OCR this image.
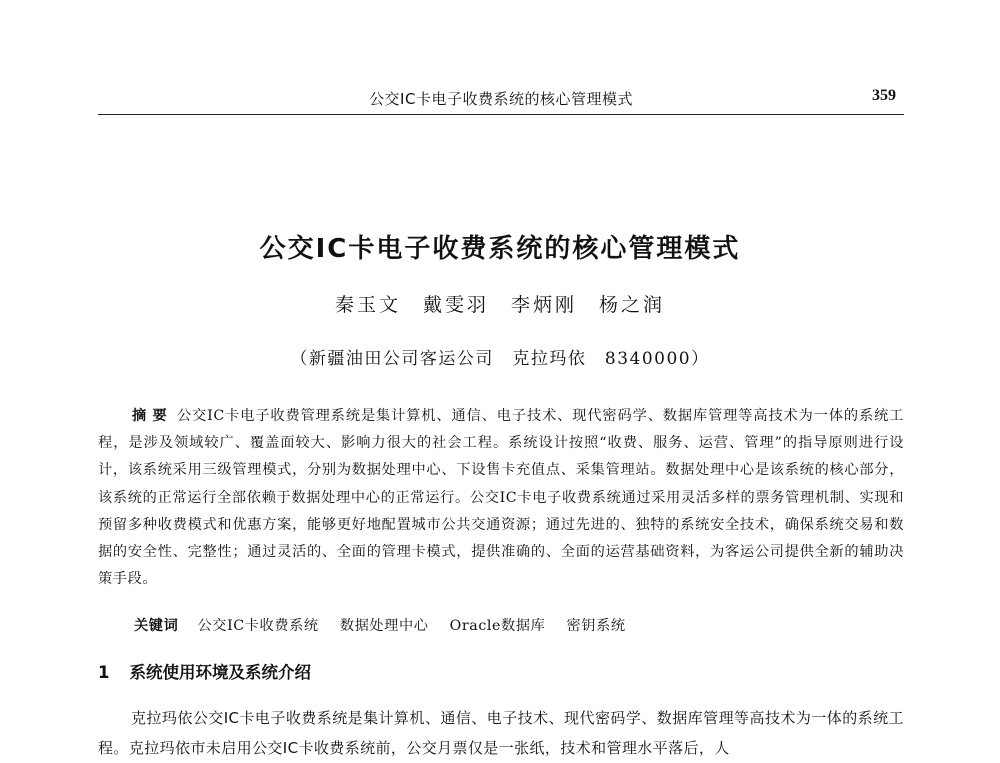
公交IC卡电子收费系统的核心管理模式	359
公交IC卡电子收费系统的核心管理模式
秦玉文　戴雯羽　李炳刚　杨之润
（新疆油田公司客运公司　克拉玛依　8340000）

摘要 公交IC卡电子收费管理系统是集计算机、通信、电子技术、现代密码学、数据库管理等高技术为一体的系统工程，是涉及领域较广、覆盖面较大、影响力很大的社会工程。系统设计按照“收费、服务、运营、管理”的指导原则进行设计，该系统采用三级管理模式，分别为数据处理中心、下设售卡充值点、采集管理站。数据处理中心是该系统的核心部分，该系统的正常运行全部依赖于数据处理中心的正常运行。公交IC卡电子收费系统通过采用灵活多样的票务管理机制、实现和预留多种收费模式和优惠方案，能够更好地配置城市公共交通资源；通过先进的、独特的系统安全技术，确保系统交易和数据的安全性、完整性；通过灵活的、全面的管理卡模式，提供准确的、全面的运营基础资料，为客运公司提供全新的辅助决策手段。

关键词 公交IC卡收费系统 数据处理中心 Oracle数据库 密钥系统
1 系统使用环境及系统介绍

克拉玛依公交IC卡电子收费系统是集计算机、通信、电子技术、现代密码学、数据库管理等高技术为一体的系统工程。克拉玛依市未启用公交IC卡收费系统前，公交月票仅是一张纸，技术和管理水平落后，人
